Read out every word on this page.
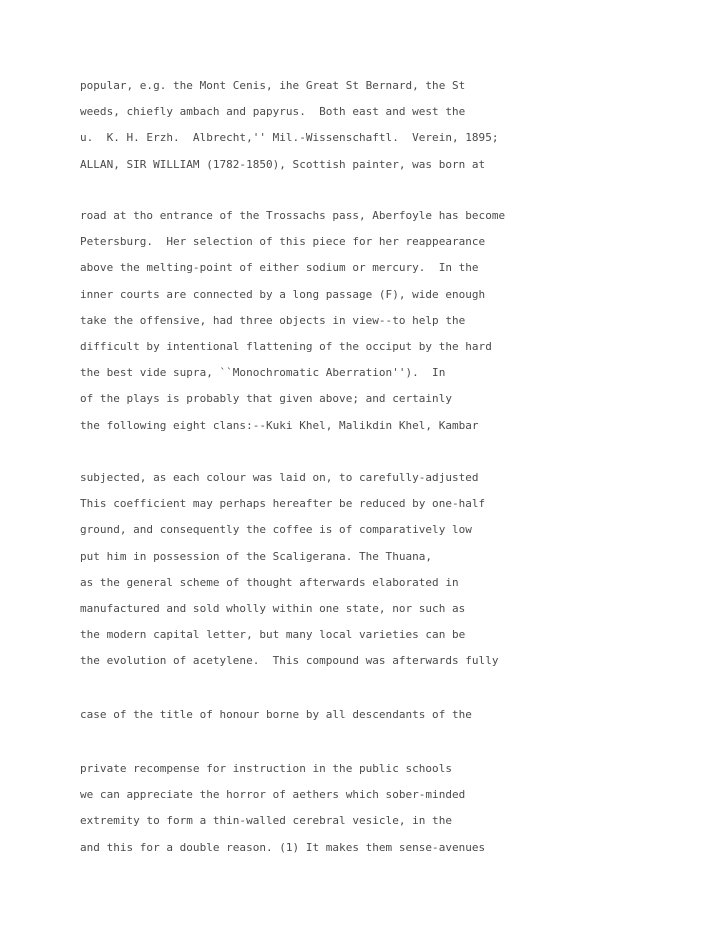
popular, e.g. the Mont Cenis, ihe Great St Bernard, the St
weeds, chiefly ambach and papyrus.  Both east and west the
u.  K. H. Erzh.  Albrecht,'' Mil.-Wissenschaftl.  Verein, 1895;
ALLAN, SIR WILLIAM (1782-1850), Scottish painter, was born at
road at tho entrance of the Trossachs pass, Aberfoyle has become
Petersburg.  Her selection of this piece for her reappearance
above the melting-point of either sodium or mercury.  In the
inner courts are connected by a long passage (F), wide enough
take the offensive, had three objects in view--to help the
difficult by intentional flattening of the occiput by the hard
the best vide supra, ``Monochromatic Aberration'').  In
of the plays is probably that given above; and certainly
the following eight clans:--Kuki Khel, Malikdin Khel, Kambar
subjected, as each colour was laid on, to carefully-adjusted
This coefficient may perhaps hereafter be reduced by one-half
ground, and consequently the coffee is of comparatively low
put him in possession of the Scaligerana. The Thuana,
as the general scheme of thought afterwards elaborated in
manufactured and sold wholly within one state, nor such as
the modern capital letter, but many local varieties can be
the evolution of acetylene.  This compound was afterwards fully
case of the title of honour borne by all descendants of the
private recompense for instruction in the public schools
we can appreciate the horror of aethers which sober-minded
extremity to form a thin-walled cerebral vesicle, in the
and this for a double reason. (1) It makes them sense-avenues
